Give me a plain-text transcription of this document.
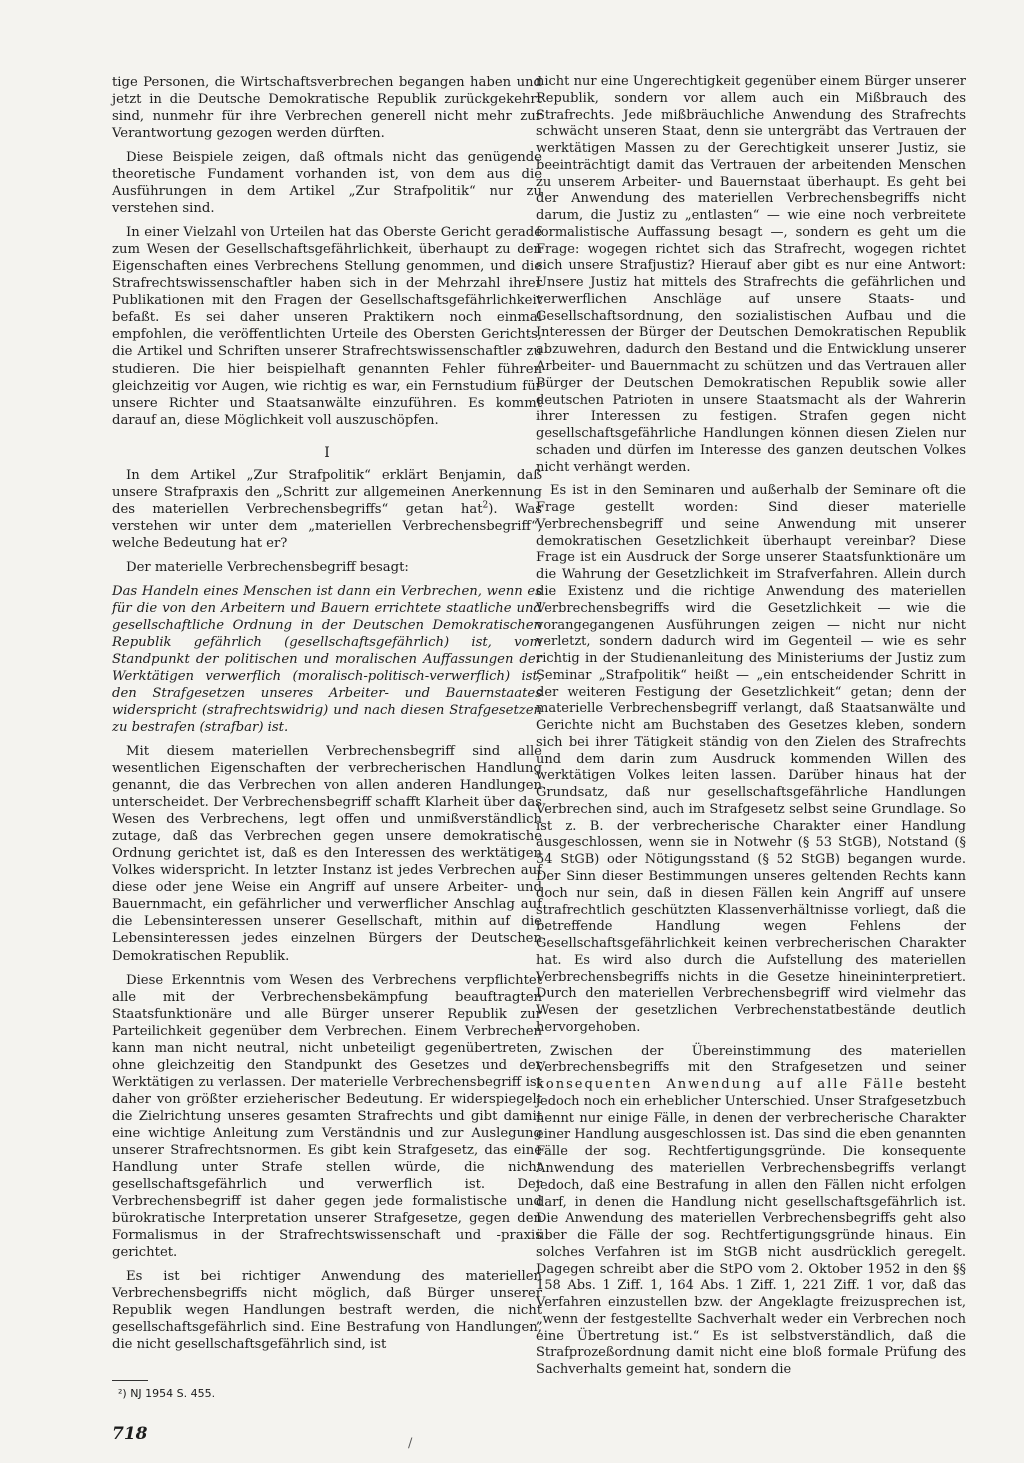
tige Personen, die Wirtschaftsverbrechen begangen haben und jetzt in die Deutsche Demokratische Republik zurückgekehrt sind, nunmehr für ihre Verbrechen generell nicht mehr zur Verantwortung gezogen werden dürften.

Diese Beispiele zeigen, daß oftmals nicht das genügende theoretische Fundament vorhanden ist, von dem aus die Ausführungen in dem Artikel „Zur Strafpolitik“ nur zu verstehen sind.

In einer Vielzahl von Urteilen hat das Oberste Gericht gerade zum Wesen der Gesellschaftsgefährlichkeit, überhaupt zu den Eigenschaften eines Verbrechens Stellung genommen, und die Strafrechtswissenschaftler haben sich in der Mehrzahl ihrer Publikationen mit den Fragen der Gesellschaftsgefährlichkeit befaßt. Es sei daher unseren Praktikern noch einmal empfohlen, die veröffentlichten Urteile des Obersten Gerichts, die Artikel und Schriften unserer Strafrechtswissenschaftler zu studieren. Die hier beispielhaft genannten Fehler führen gleichzeitig vor Augen, wie richtig es war, ein Fernstudium für unsere Richter und Staatsanwälte einzuführen. Es kommt darauf an, diese Möglichkeit voll auszuschöpfen.

I

In dem Artikel „Zur Strafpolitik“ erklärt Benjamin, daß unsere Strafpraxis den „Schritt zur allgemeinen Anerkennung des materiellen Verbrechensbegriffs“ getan hat$^2$). Was verstehen wir unter dem „materiellen Verbrechensbegriff“, welche Bedeutung hat er?

Der materielle Verbrechensbegriff besagt:

Das Handeln eines Menschen ist dann ein Verbrechen, wenn es für die von den Arbeitern und Bauern errichtete staatliche und gesellschaftliche Ordnung in der Deutschen Demokratischen Republik gefährlich (gesellschaftsgefährlich) ist, vom Standpunkt der politischen und moralischen Auffassungen der Werktätigen verwerflich (moralisch-politisch-verwerflich) ist, den Strafgesetzen unseres Arbeiter- und Bauernstaates widerspricht (strafrechtswidrig) und nach diesen Strafgesetzen zu bestrafen (strafbar) ist.

Mit diesem materiellen Verbrechensbegriff sind alle wesentlichen Eigenschaften der verbrecherischen Handlung genannt, die das Verbrechen von allen anderen Handlungen unterscheidet. Der Verbrechensbegriff schafft Klarheit über das Wesen des Verbrechens, legt offen und unmißverständlich zutage, daß das Verbrechen gegen unsere demokratische Ordnung gerichtet ist, daß es den Interessen des werktätigen Volkes widerspricht. In letzter Instanz ist jedes Verbrechen auf diese oder jene Weise ein Angriff auf unsere Arbeiter- und Bauernmacht, ein gefährlicher und verwerflicher Anschlag auf die Lebensinteressen unserer Gesellschaft, mithin auf die Lebensinteressen jedes einzelnen Bürgers der Deutschen Demokratischen Republik.

Diese Erkenntnis vom Wesen des Verbrechens verpflichtet alle mit der Verbrechensbekämpfung beauftragten Staatsfunktionäre und alle Bürger unserer Republik zur Parteilichkeit gegenüber dem Verbrechen. Einem Verbrechen kann man nicht neutral, nicht unbeteiligt gegenübertreten, ohne gleichzeitig den Standpunkt des Gesetzes und der Werktätigen zu verlassen. Der materielle Verbrechensbegriff ist daher von größter erzieherischer Bedeutung. Er widerspiegelt die Zielrichtung unseres gesamten Strafrechts und gibt damit eine wichtige Anleitung zum Verständnis und zur Auslegung unserer Strafrechtsnormen. Es gibt kein Strafgesetz, das eine Handlung unter Strafe stellen würde, die nicht gesellschaftsgefährlich und verwerflich ist. Der Verbrechensbegriff ist daher gegen jede formalistische und bürokratische Interpretation unserer Strafgesetze, gegen den Formalismus in der Strafrechtswissenschaft und -praxis gerichtet.

Es ist bei richtiger Anwendung des materiellen Verbrechensbegriffs nicht möglich, daß Bürger unserer Republik wegen Handlungen bestraft werden, die nicht gesellschaftsgefährlich sind. Eine Bestrafung von Handlungen, die nicht gesellschaftsgefährlich sind, ist

nicht nur eine Ungerechtigkeit gegenüber einem Bürger unserer Republik, sondern vor allem auch ein Mißbrauch des Strafrechts. Jede mißbräuchliche Anwendung des Strafrechts schwächt unseren Staat, denn sie untergräbt das Vertrauen der werktätigen Massen zu der Gerechtigkeit unserer Justiz, sie beeinträchtigt damit das Vertrauen der arbeitenden Menschen zu unserem Arbeiter- und Bauernstaat überhaupt. Es geht bei der Anwendung des materiellen Verbrechensbegriffs nicht darum, die Justiz zu „entlasten“ — wie eine noch verbreitete formalistische Auffassung besagt —, sondern es geht um die Frage: wogegen richtet sich das Strafrecht, wogegen richtet sich unsere Strafjustiz? Hierauf aber gibt es nur eine Antwort: Unsere Justiz hat mittels des Strafrechts die gefährlichen und verwerflichen Anschläge auf unsere Staats- und Gesellschaftsordnung, den sozialistischen Aufbau und die Interessen der Bürger der Deutschen Demokratischen Republik abzuwehren, dadurch den Bestand und die Entwicklung unserer Arbeiter- und Bauernmacht zu schützen und das Vertrauen aller Bürger der Deutschen Demokratischen Republik sowie aller deutschen Patrioten in unsere Staatsmacht als der Wahrerin ihrer Interessen zu festigen. Strafen gegen nicht gesellschaftsgefährliche Handlungen können diesen Zielen nur schaden und dürfen im Interesse des ganzen deutschen Volkes nicht verhängt werden.

Es ist in den Seminaren und außerhalb der Seminare oft die Frage gestellt worden: Sind dieser materielle Verbrechensbegriff und seine Anwendung mit unserer demokratischen Gesetzlichkeit überhaupt vereinbar? Diese Frage ist ein Ausdruck der Sorge unserer Staatsfunktionäre um die Wahrung der Gesetzlichkeit im Strafverfahren. Allein durch die Existenz und die richtige Anwendung des materiellen Verbrechensbegriffs wird die Gesetzlichkeit — wie die vorangegangenen Ausführungen zeigen — nicht nur nicht verletzt, sondern dadurch wird im Gegenteil — wie es sehr richtig in der Studienanleitung des Ministeriums der Justiz zum Seminar „Strafpolitik“ heißt — „ein entscheidender Schritt in der weiteren Festigung der Gesetzlichkeit“ getan; denn der materielle Verbrechensbegriff verlangt, daß Staatsanwälte und Gerichte nicht am Buchstaben des Gesetzes kleben, sondern sich bei ihrer Tätigkeit ständig von den Zielen des Strafrechts und dem darin zum Ausdruck kommenden Willen des werktätigen Volkes leiten lassen. Darüber hinaus hat der Grundsatz, daß nur gesellschaftsgefährliche Handlungen Verbrechen sind, auch im Strafgesetz selbst seine Grundlage. So ist z. B. der verbrecherische Charakter einer Handlung ausgeschlossen, wenn sie in Notwehr (§ 53 StGB), Notstand (§ 54 StGB) oder Nötigungsstand (§ 52 StGB) begangen wurde. Der Sinn dieser Bestimmungen unseres geltenden Rechts kann doch nur sein, daß in diesen Fällen kein Angriff auf unsere strafrechtlich geschützten Klassenverhältnisse vorliegt, daß die betreffende Handlung wegen Fehlens der Gesellschaftsgefährlichkeit keinen verbrecherischen Charakter hat. Es wird also durch die Aufstellung des materiellen Verbrechensbegriffs nichts in die Gesetze hineininterpretiert. Durch den materiellen Verbrechensbegriff wird vielmehr das Wesen der gesetzlichen Verbrechenstatbestände deutlich hervorgehoben.

Zwischen der Übereinstimmung des materiellen Verbrechensbegriffs mit den Strafgesetzen und seiner konsequenten Anwendung auf alle Fälle besteht jedoch noch ein erheblicher Unterschied. Unser Strafgesetzbuch nennt nur einige Fälle, in denen der verbrecherische Charakter einer Handlung ausgeschlossen ist. Das sind die eben genannten Fälle der sog. Rechtfertigungsgründe. Die konsequente Anwendung des materiellen Verbrechensbegriffs verlangt jedoch, daß eine Bestrafung in allen den Fällen nicht erfolgen darf, in denen die Handlung nicht gesellschaftsgefährlich ist. Die Anwendung des materiellen Verbrechensbegriffs geht also über die Fälle der sog. Rechtfertigungsgründe hinaus. Ein solches Verfahren ist im StGB nicht ausdrücklich geregelt. Dagegen schreibt aber die StPO vom 2. Oktober 1952 in den §§ 158 Abs. 1 Ziff. 1, 164 Abs. 1 Ziff. 1, 221 Ziff. 1 vor, daß das Verfahren einzustellen bzw. der Angeklagte freizusprechen ist, „wenn der festgestellte Sachverhalt weder ein Verbrechen noch eine Übertretung ist.“ Es ist selbstverständlich, daß die Strafprozeßordnung damit nicht eine bloß formale Prüfung des Sachverhalts gemeint hat, sondern die

²) NJ 1954 S. 455.
718	/
